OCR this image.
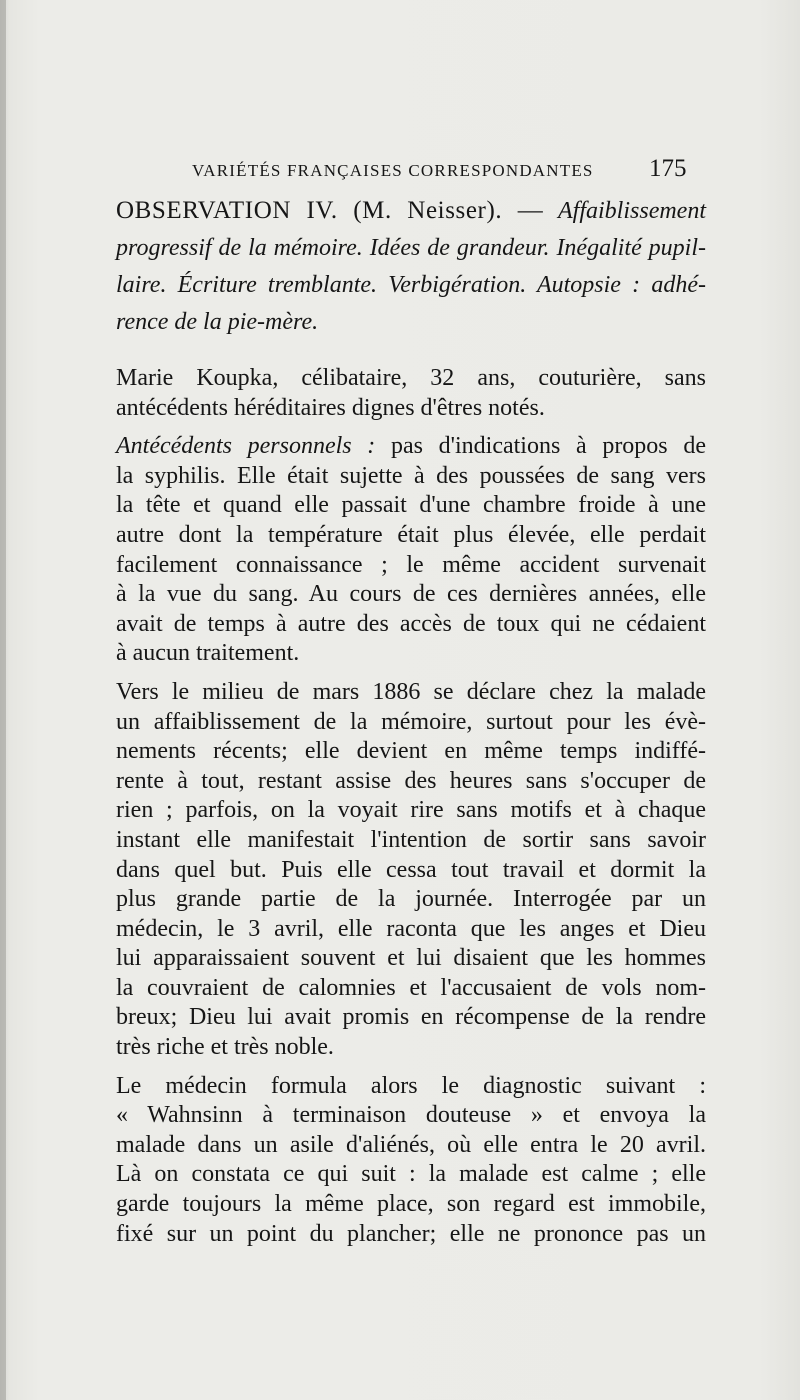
VARIÉTÉS FRANÇAISES CORRESPONDANTES 175
OBSERVATION IV. (M. Neisser). — Affaiblissement
progressif de la mémoire. Idées de grandeur. Inégalité pupil-
laire. Écriture tremblante. Verbigération. Autopsie : adhé-
rence de la pie-mère.
Marie Koupka, célibataire, 32 ans, couturière, sans
antécédents héréditaires dignes d'êtres notés.
Antécédents personnels : pas d'indications à propos de
la syphilis. Elle était sujette à des poussées de sang vers
la tête et quand elle passait d'une chambre froide à une
autre dont la température était plus élevée, elle perdait
facilement connaissance ; le même accident survenait
à la vue du sang. Au cours de ces dernières années, elle
avait de temps à autre des accès de toux qui ne cédaient
à aucun traitement.
Vers le milieu de mars 1886 se déclare chez la malade
un affaiblissement de la mémoire, surtout pour les évè-
nements récents; elle devient en même temps indiffé-
rente à tout, restant assise des heures sans s'occuper de
rien ; parfois, on la voyait rire sans motifs et à chaque
instant elle manifestait l'intention de sortir sans savoir
dans quel but. Puis elle cessa tout travail et dormit la
plus grande partie de la journée. Interrogée par un
médecin, le 3 avril, elle raconta que les anges et Dieu
lui apparaissaient souvent et lui disaient que les hommes
la couvraient de calomnies et l'accusaient de vols nom-
breux; Dieu lui avait promis en récompense de la rendre
très riche et très noble.
Le médecin formula alors le diagnostic suivant :
« Wahnsinn à terminaison douteuse » et envoya la
malade dans un asile d'aliénés, où elle entra le 20 avril.
Là on constata ce qui suit : la malade est calme ; elle
garde toujours la même place, son regard est immobile,
fixé sur un point du plancher; elle ne prononce pas un
